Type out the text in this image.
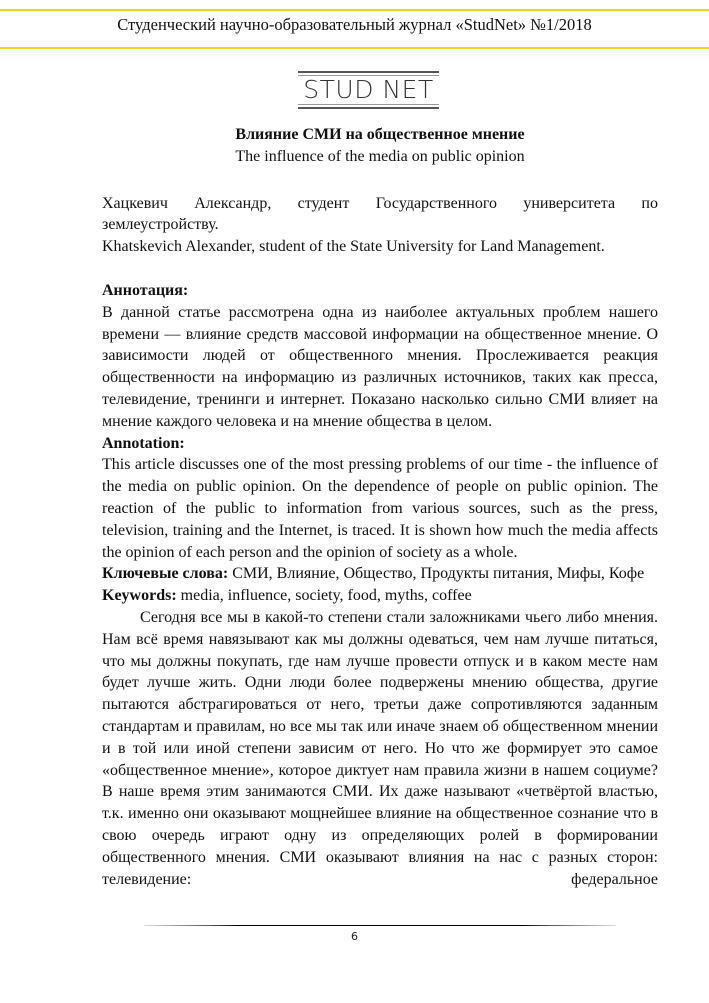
Студенческий научно-образовательный журнал «StudNet» №1/2018
STUD NET

Влияние СМИ на общественное мнение

The influence of the media on public opinion

Хацкевич Александр, студент Государственного университета по

землеустройству.

Khatskevich Alexander, student of the State University for Land Management.

Аннотация:

В данной статье рассмотрена одна из наиболее актуальных проблем нашего времени — влияние средств массовой информации на общественное мнение. О зависимости людей от общественного мнения. Прослеживается реакция общественности на информацию из различных источников, таких как пресса, телевидение, тренинги и интернет. Показано насколько сильно СМИ влияет на мнение каждого человека и на мнение общества в целом.

Annotation:

This article discusses one of the most pressing problems of our time - the influence of the media on public opinion. On the dependence of people on public opinion. The reaction of the public to information from various sources, such as the press, television, training and the Internet, is traced. It is shown how much the media affects the opinion of each person and the opinion of society as a whole.

Ключевые слова: СМИ, Влияние, Общество, Продукты питания, Мифы, Кофе

Keywords: media, influence, society, food, myths, coffee

Сегодня все мы в какой-то степени стали заложниками чьего либо мнения. Нам всё время навязывают как мы должны одеваться, чем нам лучше питаться, что мы должны покупать, где нам лучше провести отпуск и в каком месте нам будет лучше жить. Одни люди более подвержены мнению общества, другие пытаются абстрагироваться от него, третьи даже сопротивляются заданным стандартам и правилам, но все мы так или иначе знаем об общественном мнении и в той или иной степени зависим от него. Но что же формирует это самое «общественное мнение», которое диктует нам правила жизни в нашем социуме? В наше время этим занимаются СМИ. Их даже называют «четвёртой властью, т.к. именно они оказывают мощнейшее влияние на общественное сознание что в свою очередь играют одну из определяющих ролей в формировании общественного мнения. СМИ оказывают влияния на нас с разных сторон: телевидение: федеральное

6
